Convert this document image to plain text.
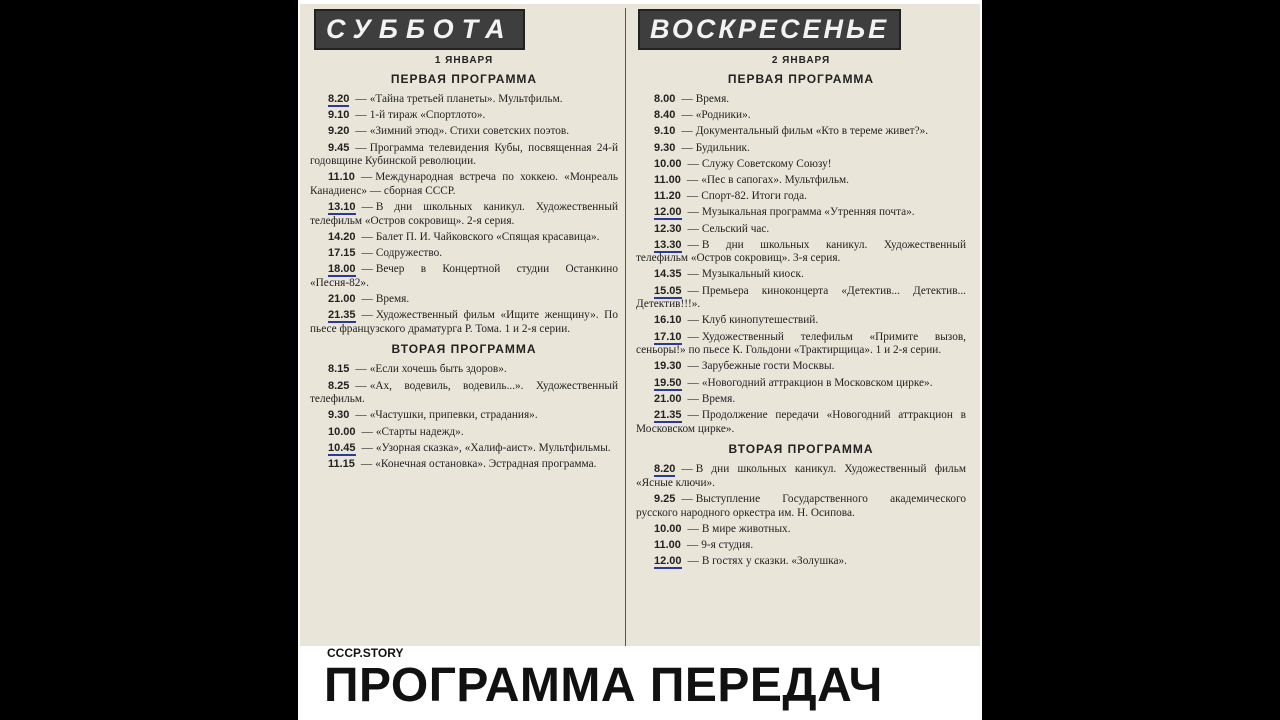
СУББОТА
1 ЯНВАРЯ
ПЕРВАЯ ПРОГРАММА
8.20 — «Тайна третьей планеты». Мультфильм.
9.10 — 1-й тираж «Спортлото».
9.20 — «Зимний этюд». Стихи советских поэтов.
9.45 — Программа телевидения Кубы, посвященная 24-й годовщине Кубинской революции.
11.10 — Международная встреча по хоккею. «Монреаль Канадиенс» — сборная СССР.
13.10 — В дни школьных каникул. Художественный телефильм «Остров сокровищ». 2-я серия.
14.20 — Балет П. И. Чайковского «Спящая красавица».
17.15 — Содружество.
18.00 — Вечер в Концертной студии Останкино «Песня-82».
21.00 — Время.
21.35 — Художественный фильм «Ищите женщину». По пьесе французского драматурга Р. Тома. 1 и 2-я серии.
ВТОРАЯ ПРОГРАММА
8.15 — «Если хочешь быть здоров».
8.25 — «Ах, водевиль, водевиль...». Художественный телефильм.
9.30 — «Частушки, припевки, страдания».
10.00 — «Старты надежд».
10.45 — «Узорная сказка», «Халиф-аист». Мультфильмы.
11.15 — «Конечная остановка». Эстрадная программа.
ВОСКРЕСЕНЬЕ
2 ЯНВАРЯ
ПЕРВАЯ ПРОГРАММА
8.00 — Время.
8.40 — «Родники».
9.10 — Документальный фильм «Кто в тереме живет?».
9.30 — Будильник.
10.00 — Служу Советскому Союзу!
11.00 — «Пес в сапогах». Мультфильм.
11.20 — Спорт-82. Итоги года.
12.00 — Музыкальная программа «Утренняя почта».
12.30 — Сельский час.
13.30 — В дни школьных каникул. Художественный телефильм «Остров сокровищ». 3-я серия.
14.35 — Музыкальный киоск.
15.05 — Премьера киноконцерта «Детектив... Детектив... Детектив!!!».
16.10 — Клуб кинопутешествий.
17.10 — Художественный телефильм «Примите вызов, сеньоры!» по пьесе К. Гольдони «Трактирщица». 1 и 2-я серии.
19.30 — Зарубежные гости Москвы.
19.50 — «Новогодний аттракцион в Московском цирке».
21.00 — Время.
21.35 — Продолжение передачи «Новогодний аттракцион в Московском цирке».
ВТОРАЯ ПРОГРАММА
8.20 — В дни школьных каникул. Художественный фильм «Ясные ключи».
9.25 — Выступление Государственного академического русского народного оркестра им. Н. Осипова.
10.00 — В мире животных.
11.00 — 9-я студия.
12.00 — В гостях у сказки. «Золушка».
CCCP.STORY
ПРОГРАММА ПЕРЕДАЧ
